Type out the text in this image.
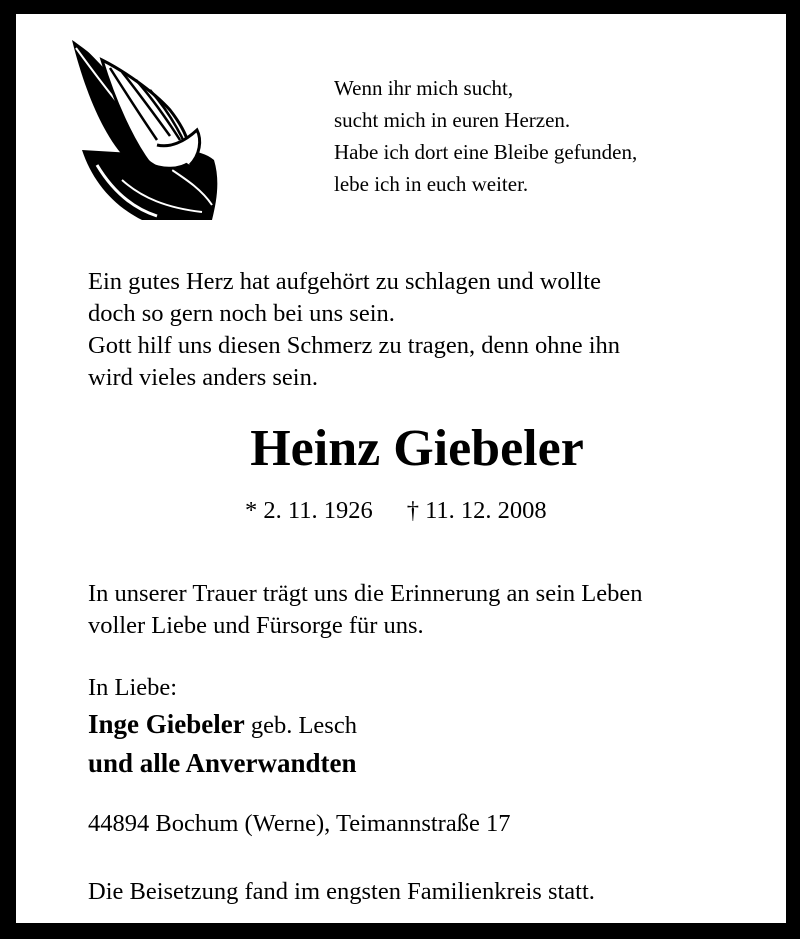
Wenn ihr mich sucht,
sucht mich in euren Herzen.
Habe ich dort eine Bleibe gefunden,
lebe ich in euch weiter.
Ein gutes Herz hat aufgehört zu schlagen und wollte
doch so gern noch bei uns sein.
Gott hilf uns diesen Schmerz zu tragen, denn ohne ihn
wird vieles anders sein.
Heinz Giebeler
* 2. 11. 1926 † 11. 12. 2008
In unserer Trauer trägt uns die Erinnerung an sein Leben
voller Liebe und Fürsorge für uns.
In Liebe:
Inge Giebeler geb. Lesch
und alle Anverwandten
44894 Bochum (Werne), Teimannstraße 17
Die Beisetzung fand im engsten Familienkreis statt.
